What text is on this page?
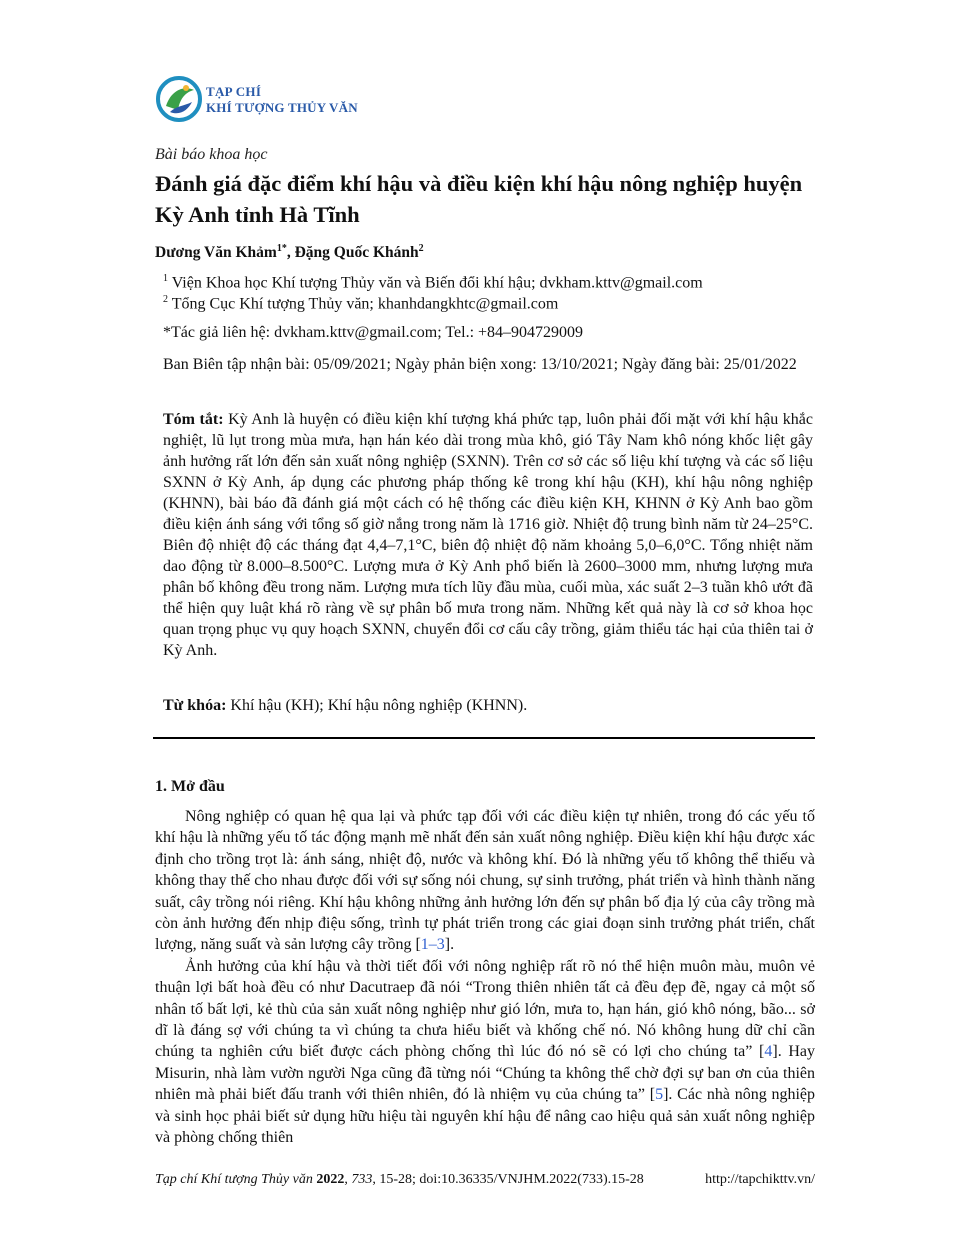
TẠP CHÍ
KHÍ TƯỢNG THỦY VĂN
Bài báo khoa học
Đánh giá đặc điểm khí hậu và điều kiện khí hậu nông nghiệp huyện Kỳ Anh tỉnh Hà Tĩnh
Dương Văn Khảm$^{1*}$, Đặng Quốc Khánh$^2$
$^1$ Viện Khoa học Khí tượng Thủy văn và Biến đổi khí hậu; dvkham.kttv@gmail.com
$^2$ Tổng Cục Khí tượng Thủy văn; khanhdangkhtc@gmail.com
*Tác giả liên hệ: dvkham.kttv@gmail.com; Tel.: +84–904729009
Ban Biên tập nhận bài: 05/09/2021; Ngày phản biện xong: 13/10/2021; Ngày đăng bài: 25/01/2022
Tóm tắt: Kỳ Anh là huyện có điều kiện khí tượng khá phức tạp, luôn phải đối mặt với khí hậu khắc nghiệt, lũ lụt trong mùa mưa, hạn hán kéo dài trong mùa khô, gió Tây Nam khô nóng khốc liệt gây ảnh hưởng rất lớn đến sản xuất nông nghiệp (SXNN). Trên cơ sở các số liệu khí tượng và các số liệu SXNN ở Kỳ Anh, áp dụng các phương pháp thống kê trong khí hậu (KH), khí hậu nông nghiệp (KHNN), bài báo đã đánh giá một cách có hệ thống các điều kiện KH, KHNN ở Kỳ Anh bao gồm điều kiện ánh sáng với tổng số giờ nắng trong năm là 1716 giờ. Nhiệt độ trung bình năm từ 24–25°C. Biên độ nhiệt độ các tháng đạt 4,4–7,1°C, biên độ nhiệt độ năm khoảng 5,0–6,0°C. Tổng nhiệt năm dao động từ 8.000–8.500°C. Lượng mưa ở Kỳ Anh phổ biến là 2600–3000 mm, nhưng lượng mưa phân bố không đều trong năm. Lượng mưa tích lũy đầu mùa, cuối mùa, xác suất 2–3 tuần khô ướt đã thể hiện quy luật khá rõ ràng về sự phân bố mưa trong năm. Những kết quả này là cơ sở khoa học quan trọng phục vụ quy hoạch SXNN, chuyển đổi cơ cấu cây trồng, giảm thiểu tác hại của thiên tai ở Kỳ Anh.
Từ khóa: Khí hậu (KH); Khí hậu nông nghiệp (KHNN).
1. Mở đầu

Nông nghiệp có quan hệ qua lại và phức tạp đối với các điều kiện tự nhiên, trong đó các yếu tố khí hậu là những yếu tố tác động mạnh mẽ nhất đến sản xuất nông nghiệp. Điều kiện khí hậu được xác định cho trồng trọt là: ánh sáng, nhiệt độ, nước và không khí. Đó là những yếu tố không thể thiếu và không thay thế cho nhau được đối với sự sống nói chung, sự sinh trưởng, phát triển và hình thành năng suất, cây trồng nói riêng. Khí hậu không những ảnh hưởng lớn đến sự phân bố địa lý của cây trồng mà còn ảnh hưởng đến nhịp điệu sống, trình tự phát triển trong các giai đoạn sinh trưởng phát triển, chất lượng, năng suất và sản lượng cây trồng [1–3].

Ảnh hưởng của khí hậu và thời tiết đối với nông nghiệp rất rõ nó thể hiện muôn màu, muôn vẻ thuận lợi bất hoà đều có như Dacutraep đã nói “Trong thiên nhiên tất cả đều đẹp đẽ, ngay cả một số nhân tố bất lợi, kẻ thù của sản xuất nông nghiệp như gió lớn, mưa to, hạn hán, gió khô nóng, bão... sở dĩ là đáng sợ với chúng ta vì chúng ta chưa hiểu biết và khống chế nó. Nó không hung dữ chỉ cần chúng ta nghiên cứu biết được cách phòng chống thì lúc đó nó sẽ có lợi cho chúng ta” [4]. Hay Misurin, nhà làm vườn người Nga cũng đã từng nói “Chúng ta không thể chờ đợi sự ban ơn của thiên nhiên mà phải biết đấu tranh với thiên nhiên, đó là nhiệm vụ của chúng ta” [5]. Các nhà nông nghiệp và sinh học phải biết sử dụng hữu hiệu tài nguyên khí hậu để nâng cao hiệu quả sản xuất nông nghiệp và phòng chống thiên

Tạp chí Khí tượng Thủy văn 2022, 733, 15-28; doi:10.36335/VNJHM.2022(733).15-28	http://tapchikttv.vn/
